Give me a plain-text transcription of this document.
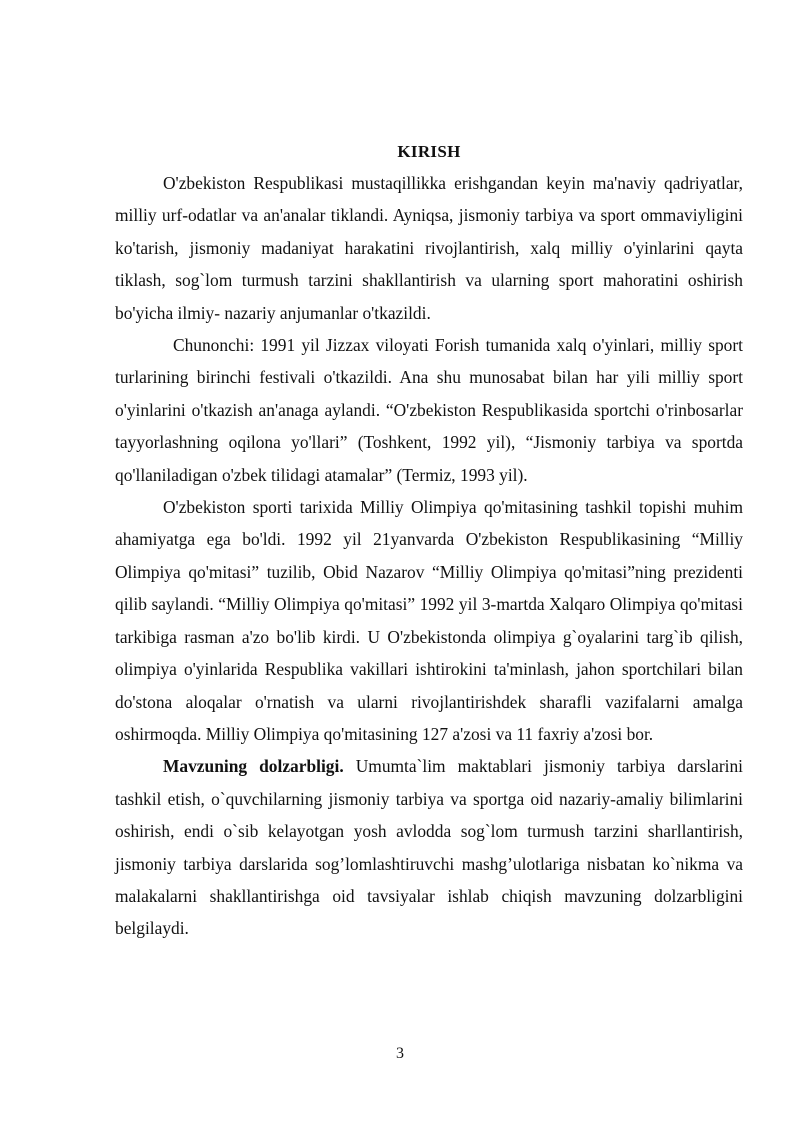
KIRISH

O'zbekiston Respublikasi mustaqillikka erishgandan keyin ma'naviy qadriyatlar, milliy urf-odatlar va an'analar tiklandi. Ayniqsa, jismoniy tarbiya va sport ommaviyligini ko'tarish, jismoniy madaniyat harakatini rivojlantirish, xalq milliy o'yinlarini qayta tiklash, sog`lom turmush tarzini shakllantirish va ularning sport mahoratini oshirish bo'yicha ilmiy- nazariy anjumanlar o'tkazildi.

Chunonchi: 1991 yil Jizzax viloyati Forish tumanida xalq o'yinlari, milliy sport turlarining birinchi festivali o'tkazildi. Ana shu munosabat bilan har yili milliy sport o'yinlarini o'tkazish an'anaga aylandi. “O'zbekiston Respublikasida sportchi o'rinbosarlar tayyorlashning oqilona yo'llari” (Toshkent, 1992 yil), “Jismoniy tarbiya va sportda qo'llaniladigan o'zbek tilidagi atamalar” (Termiz, 1993 yil).

O'zbekiston sporti tarixida Milliy Olimpiya qo'mitasining tashkil topishi muhim ahamiyatga ega bo'ldi. 1992 yil 21yanvarda O'zbekiston Respublikasining “Milliy Olimpiya qo'mitasi” tuzilib, Obid Nazarov “Milliy Olimpiya qo'mitasi”ning prezidenti qilib saylandi. “Milliy Olimpiya qo'mitasi” 1992 yil 3-martda Xalqaro Olimpiya qo'mitasi tarkibiga rasman a'zo bo'lib kirdi. U O'zbekistonda olimpiya g`oyalarini targ`ib qilish, olimpiya o'yinlarida Respublika vakillari ishtirokini ta'minlash, jahon sportchilari bilan do'stona aloqalar o'rnatish va ularni rivojlantirishdek sharafli vazifalarni amalga oshirmoqda. Milliy Olimpiya qo'mitasining 127 a'zosi va 11 faxriy a'zosi bor.

Mavzuning dolzarbligi. Umumta`lim maktablari jismoniy tarbiya darslarini tashkil etish, o`quvchilarning jismoniy tarbiya va sportga oid nazariy-amaliy bilimlarini oshirish, endi o`sib kelayotgan yosh avlodda sog`lom turmush tarzini sharllantirish, jismoniy tarbiya darslarida sog’lomlashtiruvchi mashg’ulotlariga nisbatan ko`nikma va malakalarni shakllantirishga oid tavsiyalar ishlab chiqish mavzuning dolzarbligini belgilaydi.

3
